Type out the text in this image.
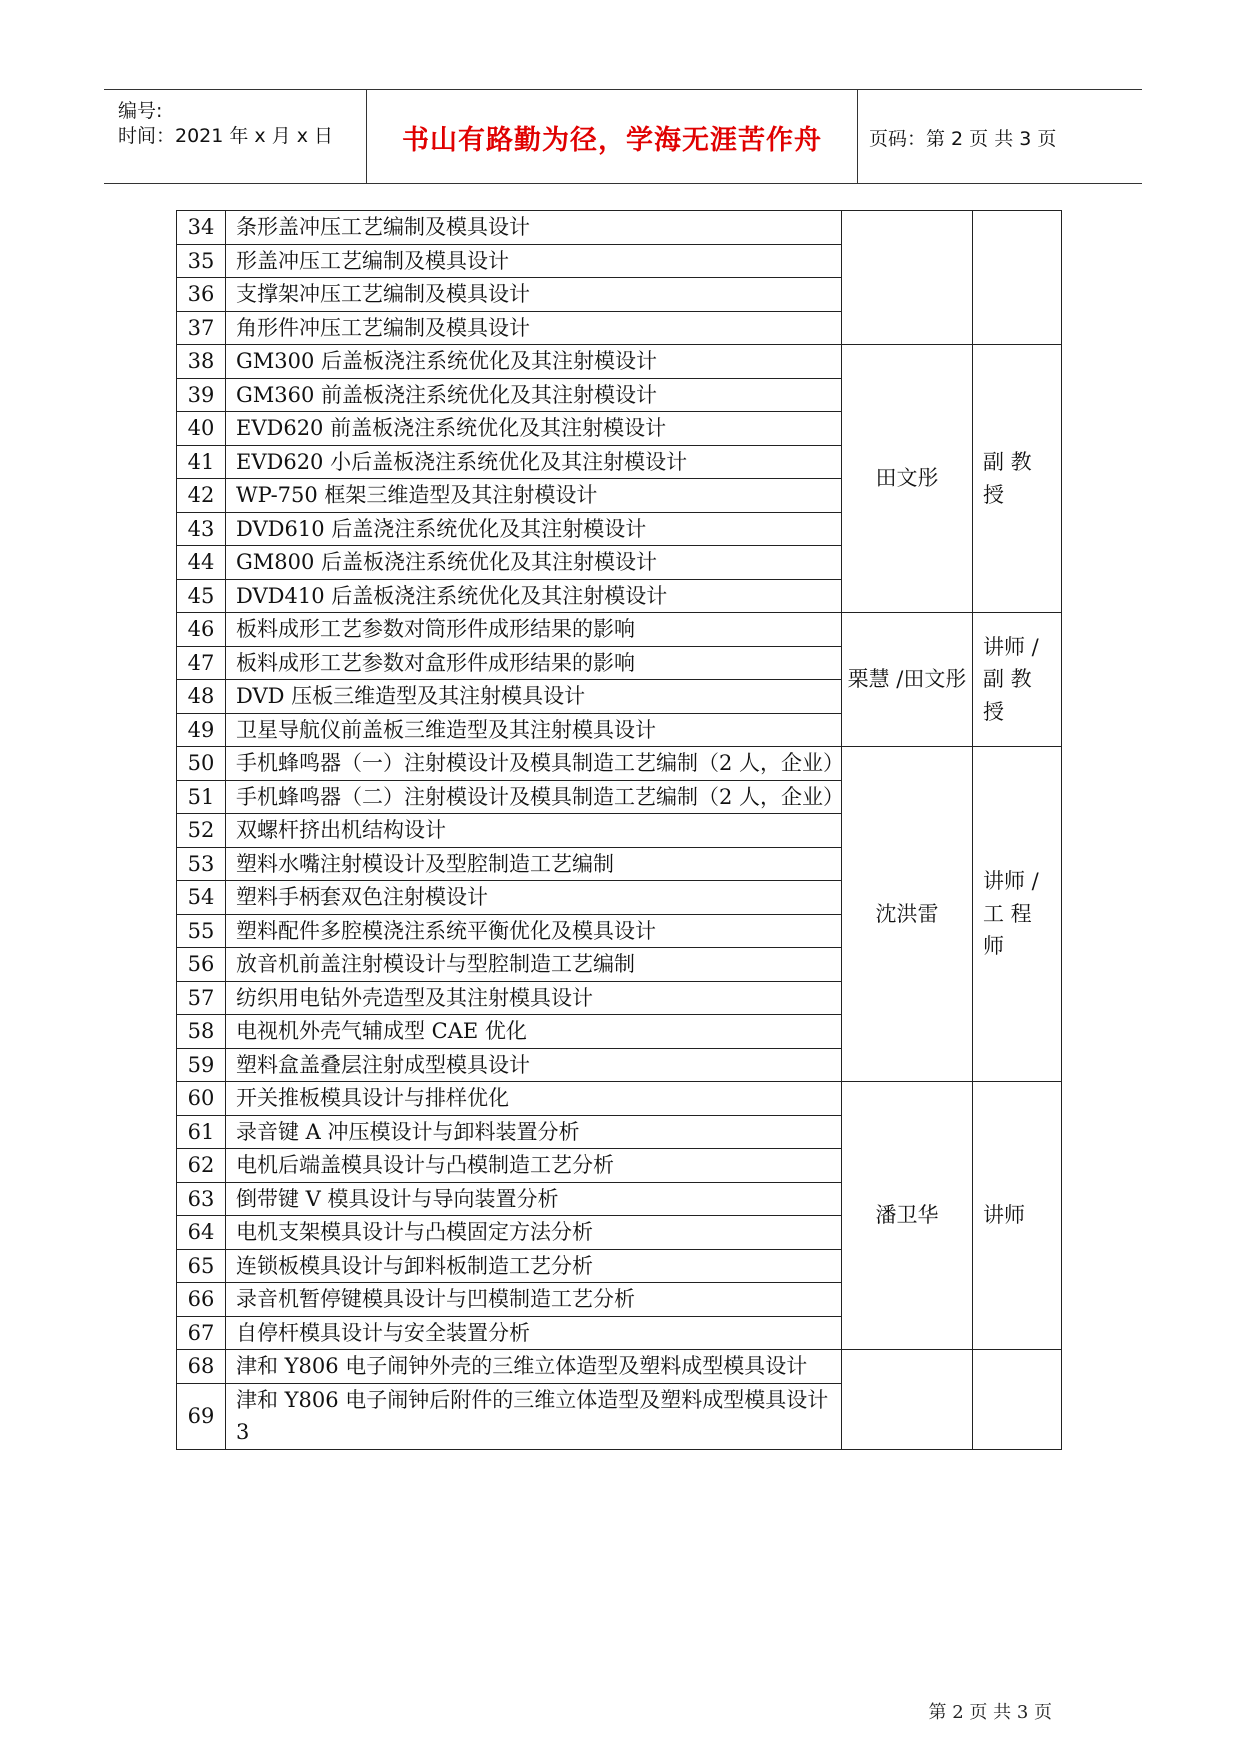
编号:
时间：2021 年 x 月 x 日	书山有路勤为径，学海无涯苦作舟	页码：第 2 页 共 3 页
34	条形盖冲压工艺编制及模具设计		
35	形盖冲压工艺编制及模具设计		
36	支撑架冲压工艺编制及模具设计		
37	角形件冲压工艺编制及模具设计		
38	GM300 后盖板浇注系统优化及其注射模设计	田文彤	副 教 授
39	GM360 前盖板浇注系统优化及其注射模设计		
40	EVD620 前盖板浇注系统优化及其注射模设计		
41	EVD620 小后盖板浇注系统优化及其注射模设计		
42	WP-750 框架三维造型及其注射模设计		
43	DVD610 后盖浇注系统优化及其注射模设计		
44	GM800 后盖板浇注系统优化及其注射模设计		
45	DVD410 后盖板浇注系统优化及其注射模设计		
46	板料成形工艺参数对筒形件成形结果的影响	栗慧 /田文彤	讲师 / 副 教 授
47	板料成形工艺参数对盒形件成形结果的影响		
48	DVD 压板三维造型及其注射模具设计		
49	卫星导航仪前盖板三维造型及其注射模具设计		
50	手机蜂鸣器（一）注射模设计及模具制造工艺编制（2 人，企业）	沈洪雷	讲师 / 工 程 师
51	手机蜂鸣器（二）注射模设计及模具制造工艺编制（2 人，企业）		
52	双螺杆挤出机结构设计		
53	塑料水嘴注射模设计及型腔制造工艺编制		
54	塑料手柄套双色注射模设计		
55	塑料配件多腔模浇注系统平衡优化及模具设计		
56	放音机前盖注射模设计与型腔制造工艺编制		
57	纺织用电钻外壳造型及其注射模具设计		
58	电视机外壳气辅成型 CAE 优化		
59	塑料盒盖叠层注射成型模具设计		
60	开关推板模具设计与排样优化	潘卫华	讲师
61	录音键 A 冲压模设计与卸料装置分析		
62	电机后端盖模具设计与凸模制造工艺分析		
63	倒带键 V 模具设计与导向装置分析		
64	电机支架模具设计与凸模固定方法分析		
65	连锁板模具设计与卸料板制造工艺分析		
66	录音机暂停键模具设计与凹模制造工艺分析		
67	自停杆模具设计与安全装置分析		
68	津和 Y806 电子闹钟外壳的三维立体造型及塑料成型模具设计		
69	津和 Y806 电子闹钟后附件的三维立体造型及塑料成型模具设计 3		
第 2 页 共 3 页
